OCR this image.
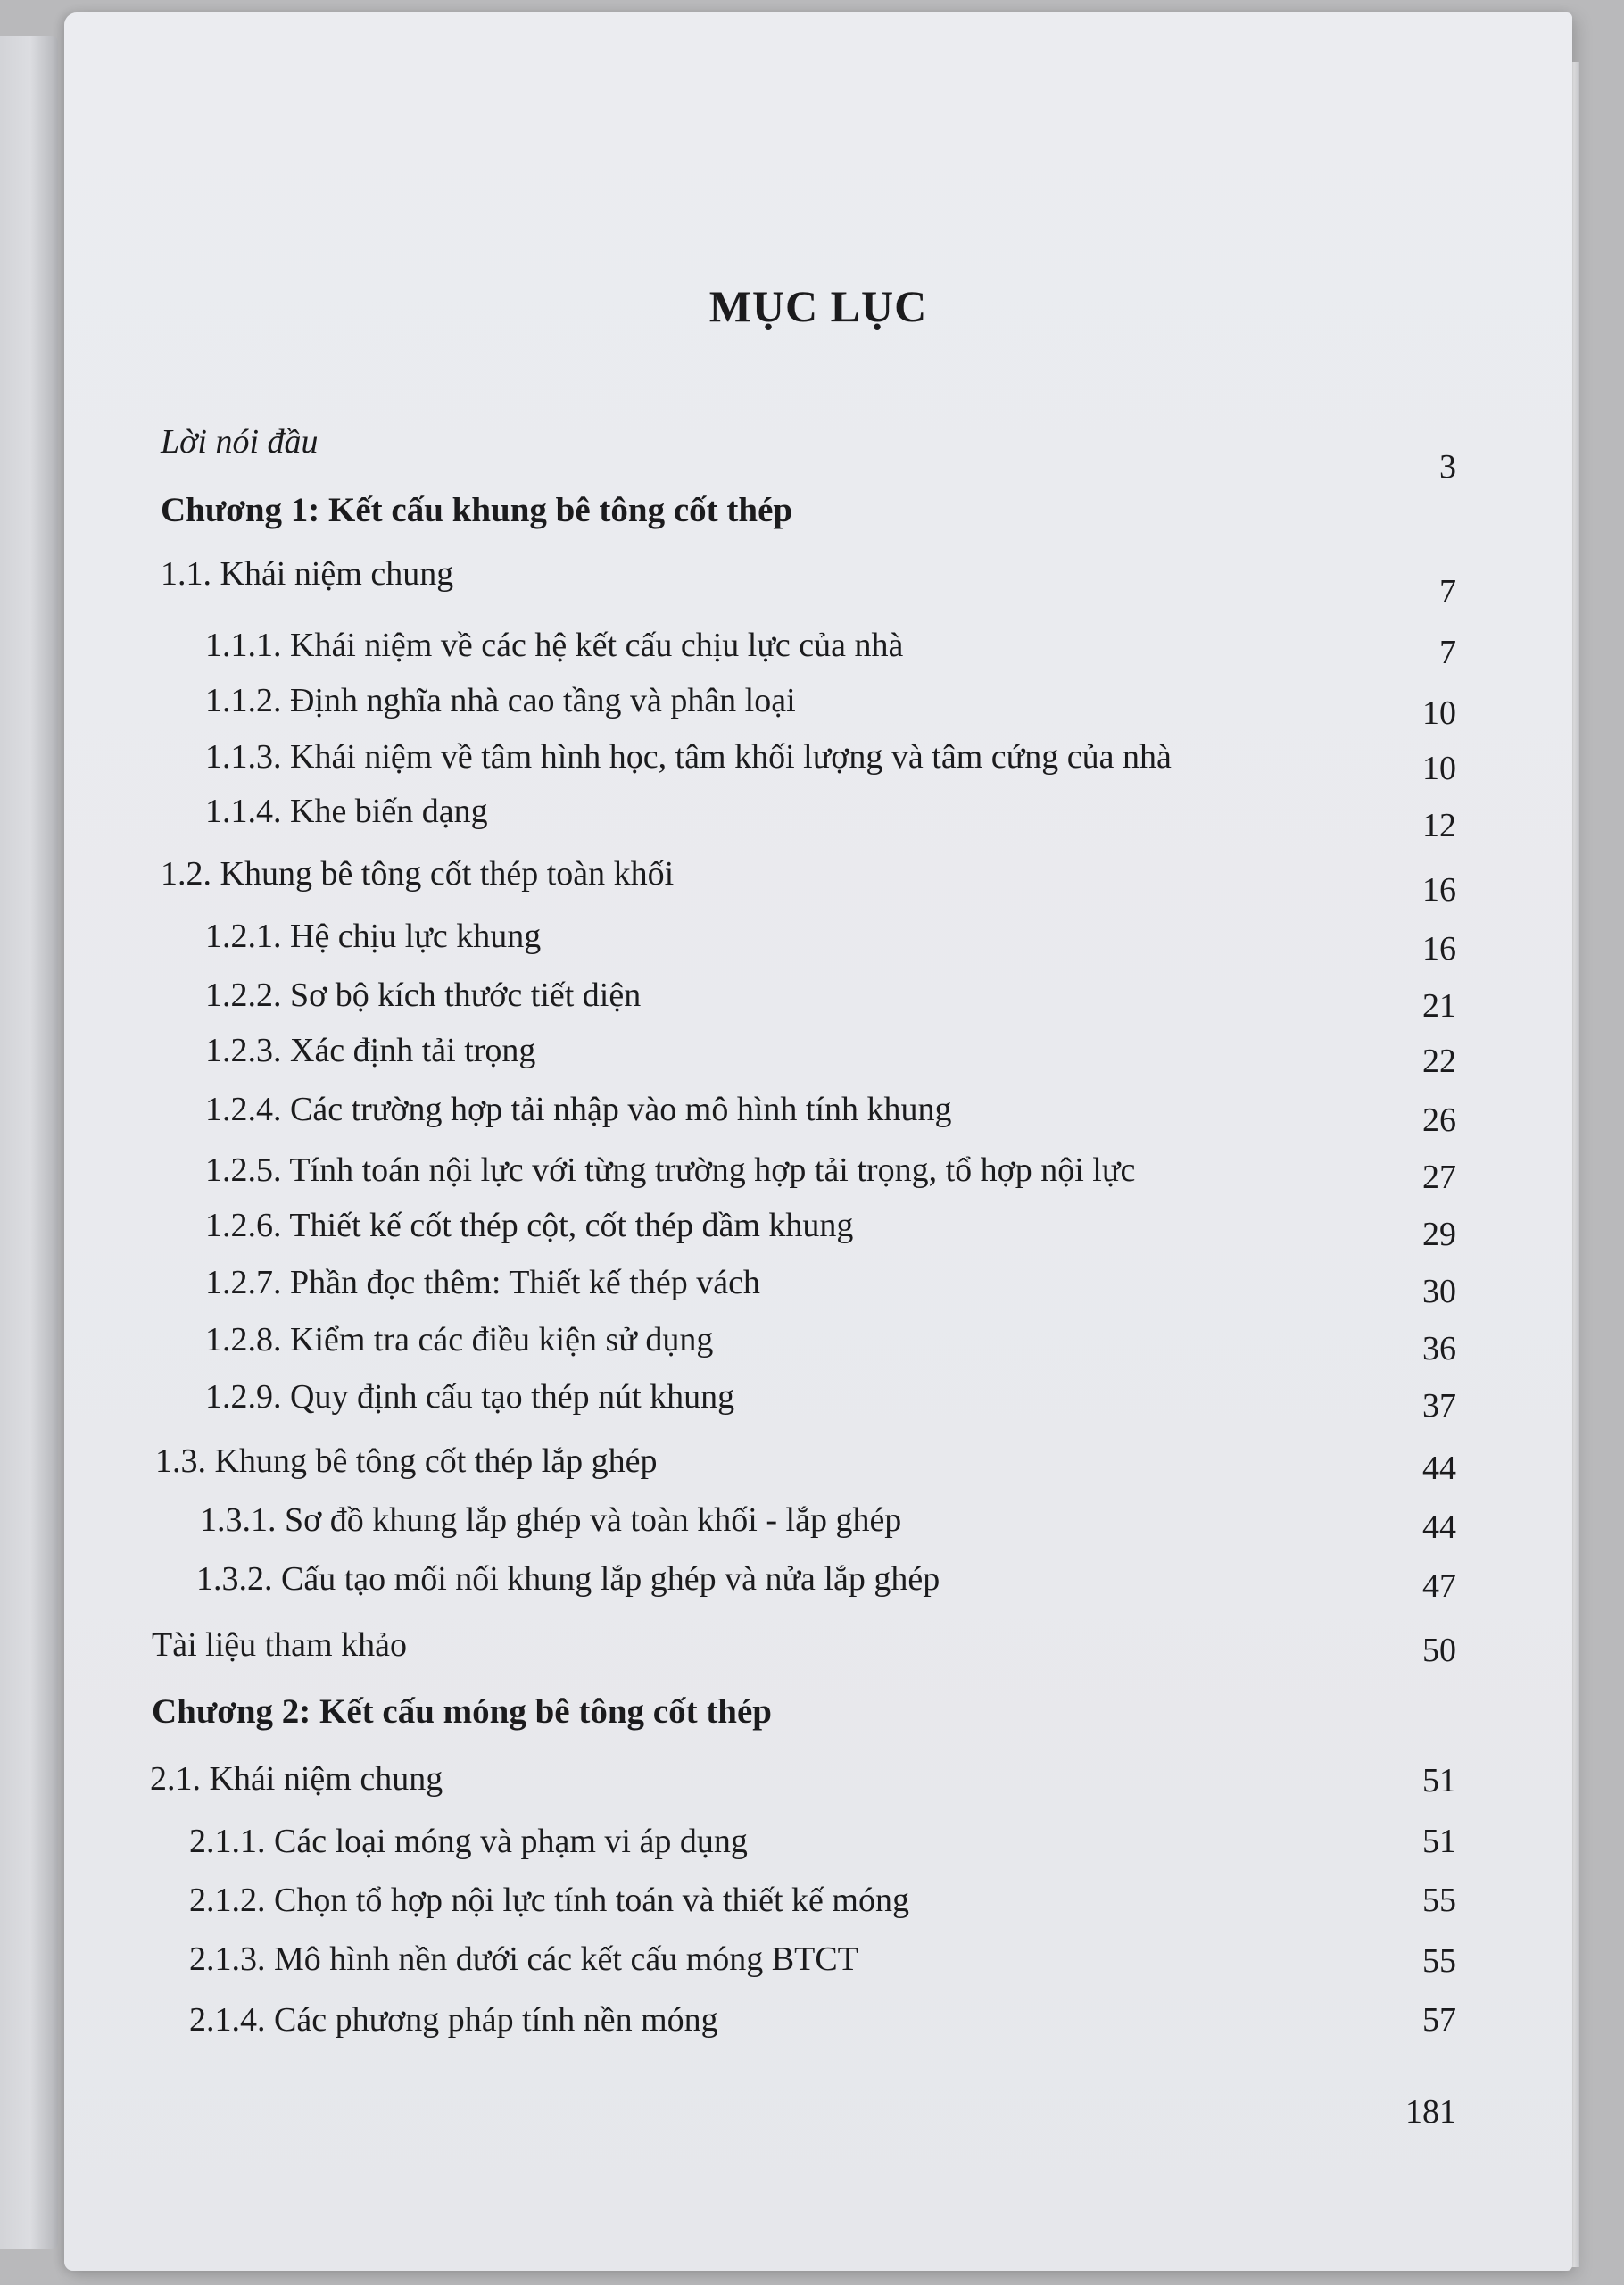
MỤC LỤC
Lời nói đầu
Chương 1: Kết cấu khung bê tông cốt thép
1.1. Khái niệm chung
1.1.1. Khái niệm về các hệ kết cấu chịu lực của nhà
1.1.2. Định nghĩa nhà cao tầng và phân loại
1.1.3. Khái niệm về tâm hình học, tâm khối lượng và tâm cứng của nhà
1.1.4. Khe biến dạng
1.2. Khung bê tông cốt thép toàn khối
1.2.1. Hệ chịu lực khung
1.2.2. Sơ bộ kích thước tiết diện
1.2.3. Xác định tải trọng
1.2.4. Các trường hợp tải nhập vào mô hình tính khung
1.2.5. Tính toán nội lực với từng trường hợp tải trọng, tổ hợp nội lực
1.2.6. Thiết kế cốt thép cột, cốt thép dầm khung
1.2.7. Phần đọc thêm: Thiết kế thép vách
1.2.8. Kiểm tra các điều kiện sử dụng
1.2.9. Quy định cấu tạo thép nút khung
1.3. Khung bê tông cốt thép lắp ghép
1.3.1. Sơ đồ khung lắp ghép và toàn khối - lắp ghép
1.3.2. Cấu tạo mối nối khung lắp ghép và nửa lắp ghép
Tài liệu tham khảo
Chương 2: Kết cấu móng bê tông cốt thép
2.1. Khái niệm chung
2.1.1. Các loại móng và phạm vi áp dụng
2.1.2. Chọn tổ hợp nội lực tính toán và thiết kế móng
2.1.3. Mô hình nền dưới các kết cấu móng BTCT
2.1.4. Các phương pháp tính nền móng
3
7
7
10
10
12
16
16
21
22
26
27
29
30
36
37
44
44
47
50
51
51
55
55
57
181
